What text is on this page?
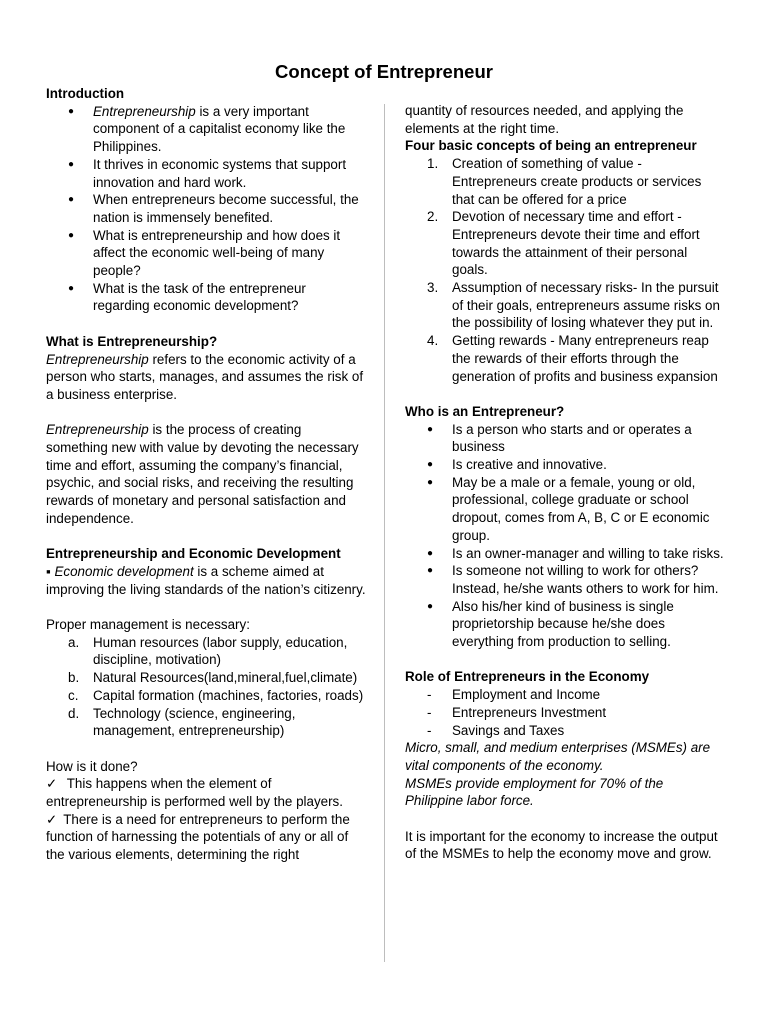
Concept of Entrepreneur
Introduction
● Entrepreneurship is a very important component of a capitalist economy like the Philippines.
● It thrives in economic systems that support innovation and hard work.
● When entrepreneurs become successful, the nation is immensely benefited.
● What is entrepreneurship and how does it affect the economic well-being of many people?
● What is the task of the entrepreneur regarding economic development?
What is Entrepreneurship?

Entrepreneurship refers to the economic activity of a person who starts, manages, and assumes the risk of a business enterprise.

Entrepreneurship is the process of creating something new with value by devoting the necessary time and effort, assuming the company’s financial, psychic, and social risks, and receiving the resulting rewards of monetary and personal satisfaction and independence.

Entrepreneurship and Economic Development

▪ Economic development is a scheme aimed at improving the living standards of the nation’s citizenry.

Proper management is necessary:

a. Human resources (labor supply, education, discipline, motivation)
b. Natural Resources(land,mineral,fuel,climate)
c. Capital formation (machines, factories, roads)
d. Technology (science, engineering, management, entrepreneurship)

How is it done?

✓ This happens when the element of entrepreneurship is performed well by the players.

✓ There is a need for entrepreneurs to perform the function of harnessing the potentials of any or all of the various elements, determining the right

quantity of resources needed, and applying the elements at the right time.

Four basic concepts of being an entrepreneur
1. Creation of something of value - Entrepreneurs create products or services that can be offered for a price
2. Devotion of necessary time and effort - Entrepreneurs devote their time and effort towards the attainment of their personal goals.
3. Assumption of necessary risks- In the pursuit of their goals, entrepreneurs assume risks on the possibility of losing whatever they put in.
4. Getting rewards - Many entrepreneurs reap the rewards of their efforts through the generation of profits and business expansion
Who is an Entrepreneur?
● Is a person who starts and or operates a business
● Is creative and innovative.
● May be a male or a female, young or old, professional, college graduate or school dropout, comes from A, B, C or E economic group.
● Is an owner-manager and willing to take risks.
● Is someone not willing to work for others? Instead, he/she wants others to work for him.
● Also his/her kind of business is single proprietorship because he/she does everything from production to selling.
Role of Entrepreneurs in the Economy
- Employment and Income
- Entrepreneurs Investment
- Savings and Taxes

Micro, small, and medium enterprises (MSMEs) are vital components of the economy.

MSMEs provide employment for 70% of the Philippine labor force.

It is important for the economy to increase the output of the MSMEs to help the economy move and grow.
